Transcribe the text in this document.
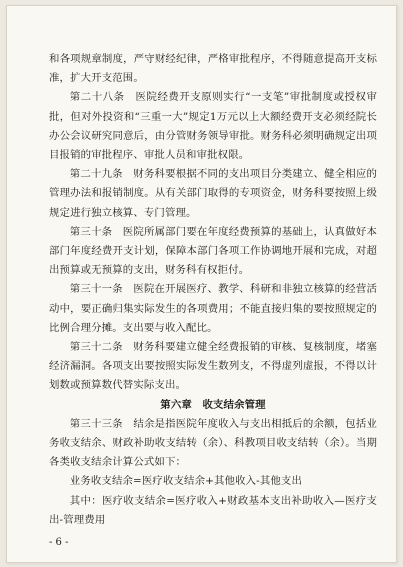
和各项规章制度，严守财经纪律，严格审批程序，不得随意提高开支标准，扩大开支范围。

第二十八条　医院经费开支原则实行“一支笔”审批制度或授权审批，但对外投资和“三重一大”规定1万元以上大额经费开支必须经院长办公会议研究同意后，由分管财务领导审批。财务科必须明确规定出项目报销的审批程序、审批人员和审批权限。

第二十九条　财务科要根据不同的支出项目分类建立、健全相应的管理办法和报销制度。从有关部门取得的专项资金，财务科要按照上级规定进行独立核算、专门管理。

第三十条　医院所属部门要在年度经费预算的基础上，认真做好本部门年度经费开支计划，保障本部门各项工作协调地开展和完成，对超出预算或无预算的支出，财务科有权拒付。

第三十一条　医院在开展医疗、教学、科研和非独立核算的经营活动中，要正确归集实际发生的各项费用；不能直接归集的要按照规定的比例合理分摊。支出要与收入配比。

第三十二条　财务科要建立健全经费报销的审核、复核制度，堵塞经济漏洞。各项支出要按照实际发生数列支，不得虚列虚报，不得以计划数或预算数代替实际支出。

第六章　收支结余管理

第三十三条　结余是指医院年度收入与支出相抵后的余额，包括业务收支结余、财政补助收支结转（余）、科教项目收支结转（余）。当期各类收支结余计算公式如下：

业务收支结余=医疗收支结余+其他收入-其他支出

其中：医疗收支结余=医疗收入+财政基本支出补助收入—医疗支出-管理费用

- 6 -
